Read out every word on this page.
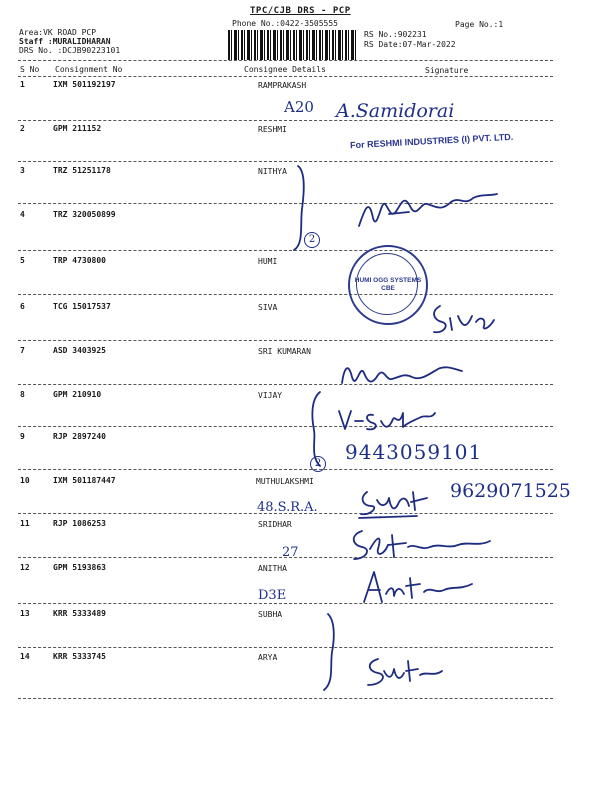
TPC/CJB DRS - PCP
Phone No.:0422-3505555	Page No.:1
Area:VK ROAD PCP
Staff :MURALIDHARAN
DRS No. :DCJB90223101
RS No.:902231
RS Date:07-Mar-2022
S No Consignment No	Consignee Details	Signature
1	IXM 501192197	RAMPRAKASH
2	GPM 211152	RESHMI
3	TRZ 51251178	NITHYA
4	TRZ 320050899
5	TRP 4730800	HUMI
6	TCG 15017537	SIVA
7	ASD 3403925	SRI KUMARAN
8	GPM 210910	VIJAY
9	RJP 2897240
10	IXM 501187447	MUTHULAKSHMI
11	RJP 1086253	SRIDHAR
12	GPM 5193863	ANITHA
13	KRR 5333489	SUBHA
14	KRR 5333745	ARYA
A20 A.Samidorai
For RESHMI INDUSTRIES (I) PVT. LTD.
2
HUMI OGG SYSTEMS CBE
2 9443059101
48.S.R.A.
9629071525
27
D3E
